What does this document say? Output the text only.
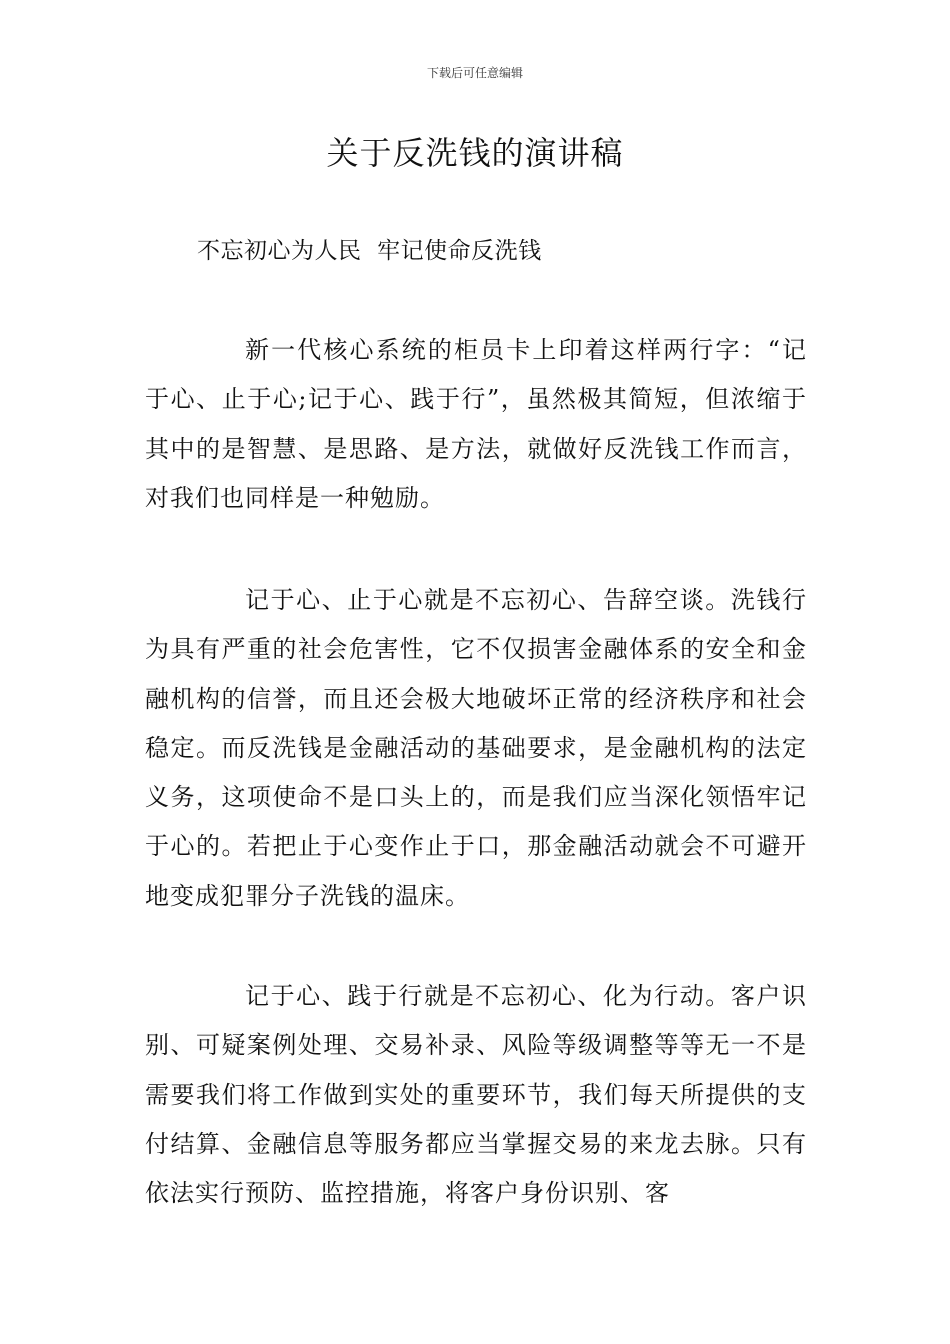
下载后可任意编辑
关于反洗钱的演讲稿
不忘初心为人民  牢记使命反洗钱

新一代核心系统的柜员卡上印着这样两行字：“记于心、止于心;记于心、践于行”，虽然极其简短，但浓缩于其中的是智慧、是思路、是方法，就做好反洗钱工作而言，对我们也同样是一种勉励。

记于心、止于心就是不忘初心、告辞空谈。洗钱行为具有严重的社会危害性，它不仅损害金融体系的安全和金融机构的信誉，而且还会极大地破坏正常的经济秩序和社会稳定。而反洗钱是金融活动的基础要求，是金融机构的法定义务，这项使命不是口头上的，而是我们应当深化领悟牢记于心的。若把止于心变作止于口，那金融活动就会不可避开地变成犯罪分子洗钱的温床。

记于心、践于行就是不忘初心、化为行动。客户识别、可疑案例处理、交易补录、风险等级调整等等无一不是需要我们将工作做到实处的重要环节，我们每天所提供的支付结算、金融信息等服务都应当掌握交易的来龙去脉。只有依法实行预防、监控措施，将客户身份识别、客
